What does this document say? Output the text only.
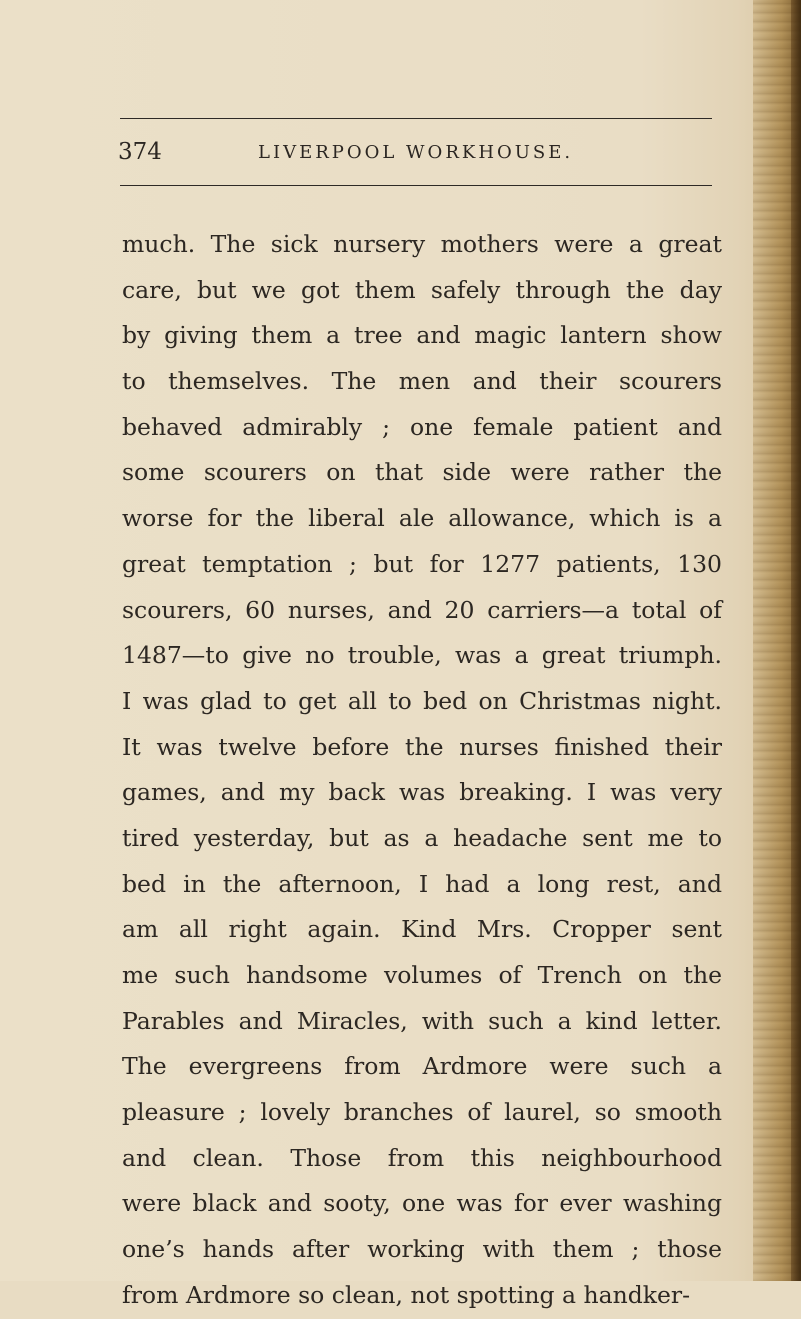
374	LIVERPOOL WORKHOUSE.
much. The sick nursery mothers were a great
care, but we got them safely through the day
by giving them a tree and magic lantern show
to themselves. The men and their scourers
behaved admirably ; one female patient and
some scourers on that side were rather the
worse for the liberal ale allowance, which is a
great temptation ; but for 1277 patients, 130
scourers, 60 nurses, and 20 carriers—a total of
1487—to give no trouble, was a great triumph.
I was glad to get all to bed on Christmas night.
It was twelve before the nurses finished their
games, and my back was breaking. I was very
tired yesterday, but as a headache sent me to
bed in the afternoon, I had a long rest, and
am all right again. Kind Mrs. Cropper sent
me such handsome volumes of Trench on the
Parables and Miracles, with such a kind letter.
The evergreens from Ardmore were such a
pleasure ; lovely branches of laurel, so smooth
and clean. Those from this neighbourhood
were black and sooty, one was for ever washing
one’s hands after working with them ; those
from Ardmore so clean, not spotting a handker-
